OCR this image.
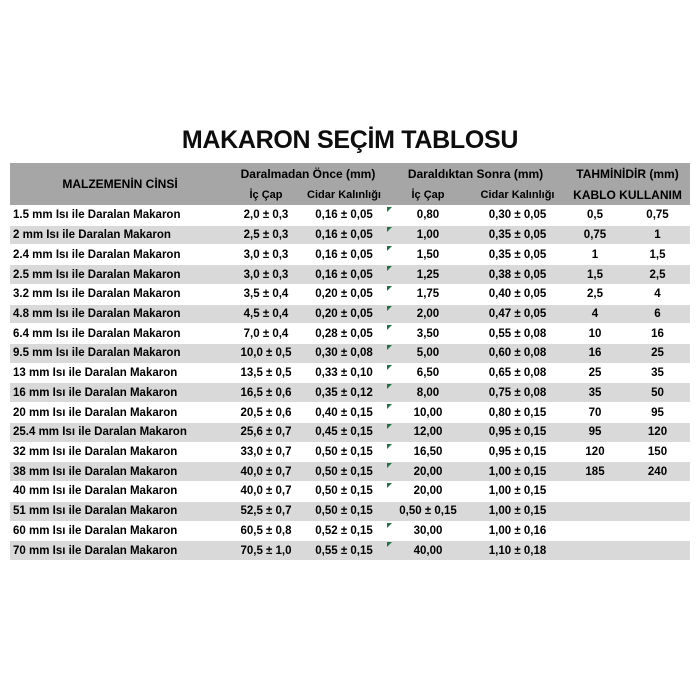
MAKARON SEÇİM TABLOSU
MALZEMENİN CİNSİ
Daralmadan Önce (mm)	Daraldıktan Sonra (mm)	TAHMİNİDİR (mm)
İç Çap	Cidar Kalınlığı	İç Çap	Cidar Kalınlığı	KABLO KULLANIM
1.5 mm Isı ile Daralan Makaron	2,0 ± 0,3	0,16 ± 0,05	0,80	0,30 ± 0,05	0,5	0,75
2 mm Isı ile Daralan Makaron	2,5 ± 0,3	0,16 ± 0,05	1,00	0,35 ± 0,05	0,75	1
2.4 mm Isı ile Daralan Makaron	3,0 ± 0,3	0,16 ± 0,05	1,50	0,35 ± 0,05	1	1,5
2.5 mm Isı ile Daralan Makaron	3,0 ± 0,3	0,16 ± 0,05	1,25	0,38 ± 0,05	1,5	2,5
3.2 mm Isı ile Daralan Makaron	3,5 ± 0,4	0,20 ± 0,05	1,75	0,40 ± 0,05	2,5	4
4.8 mm Isı ile Daralan Makaron	4,5 ± 0,4	0,20 ± 0,05	2,00	0,47 ± 0,05	4	6
6.4 mm Isı ile Daralan Makaron	7,0 ± 0,4	0,28 ± 0,05	3,50	0,55 ± 0,08	10	16
9.5 mm Isı ile Daralan Makaron	10,0 ± 0,5	0,30 ± 0,08	5,00	0,60 ± 0,08	16	25
13 mm Isı ile Daralan Makaron	13,5 ± 0,5	0,33 ± 0,10	6,50	0,65 ± 0,08	25	35
16 mm Isı ile Daralan Makaron	16,5 ± 0,6	0,35 ± 0,12	8,00	0,75 ± 0,08	35	50
20 mm Isı ile Daralan Makaron	20,5 ± 0,6	0,40 ± 0,15	10,00	0,80 ± 0,15	70	95
25.4 mm Isı ile Daralan Makaron	25,6 ± 0,7	0,45 ± 0,15	12,00	0,95 ± 0,15	95	120
32 mm Isı ile Daralan Makaron	33,0 ± 0,7	0,50 ± 0,15	16,50	0,95 ± 0,15	120	150
38 mm Isı ile Daralan Makaron	40,0 ± 0,7	0,50 ± 0,15	20,00	1,00 ± 0,15	185	240
40 mm Isı ile Daralan Makaron	40,0 ± 0,7	0,50 ± 0,15	20,00	1,00 ± 0,15
51 mm Isı ile Daralan Makaron	52,5 ± 0,7	0,50 ± 0,15	0,50 ± 0,15	1,00 ± 0,15
60 mm Isı ile Daralan Makaron	60,5 ± 0,8	0,52 ± 0,15	30,00	1,00 ± 0,16
70 mm Isı ile Daralan Makaron	70,5 ± 1,0	0,55 ± 0,15	40,00	1,10 ± 0,18
